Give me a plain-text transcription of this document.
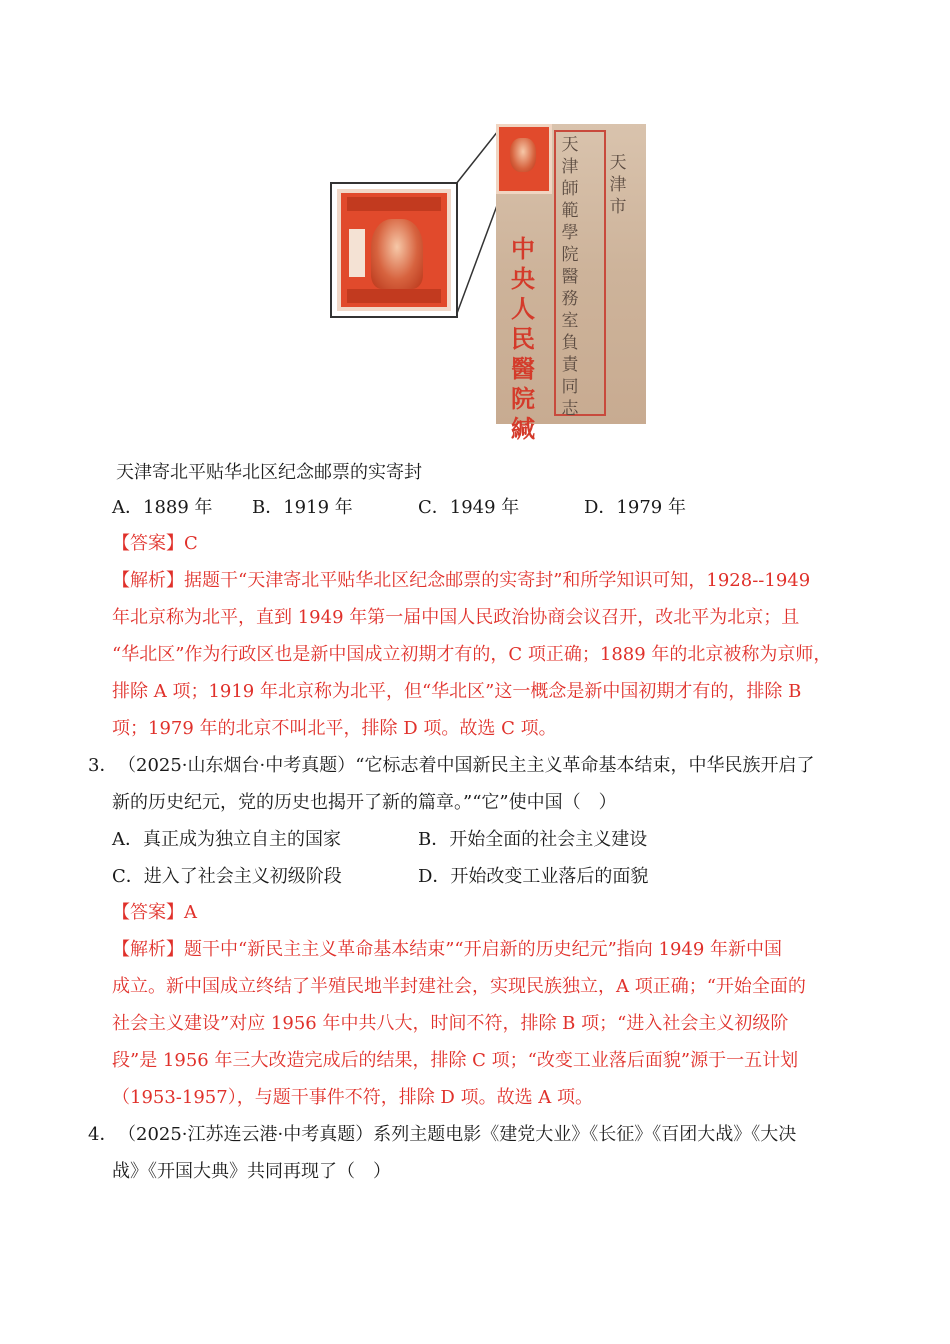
中央人民醫院緘
天津師範學院醫務室負責同志
天津市
天津寄北平贴华北区纪念邮票的实寄封
A．1889 年 B．1919 年	C．1949 年	D．1979 年
【答案】C
【解析】据题干“天津寄北平贴华北区纪念邮票的实寄封”和所学知识可知，1928--1949
年北京称为北平，直到 1949 年第一届中国人民政治协商会议召开，改北平为北京；且
“华北区”作为行政区也是新中国成立初期才有的，C 项正确；1889 年的北京被称为京师，
排除 A 项；1919 年北京称为北平，但“华北区”这一概念是新中国初期才有的，排除 B
项；1979 年的北京不叫北平，排除 D 项。故选 C 项。
3． （2025·山东烟台·中考真题）“它标志着中国新民主主义革命基本结束，中华民族开启了
新的历史纪元，党的历史也揭开了新的篇章。”“它”使中国（　）
A．真正成为独立自主的国家	B．开始全面的社会主义建设
C．进入了社会主义初级阶段	D．开始改变工业落后的面貌
【答案】A
【解析】题干中“新民主主义革命基本结束”“开启新的历史纪元”指向 1949 年新中国
成立。新中国成立终结了半殖民地半封建社会，实现民族独立，A 项正确；“开始全面的
社会主义建设”对应 1956 年中共八大，时间不符，排除 B 项；“进入社会主义初级阶
段”是 1956 年三大改造完成后的结果，排除 C 项；“改变工业落后面貌”源于一五计划
（1953-1957），与题干事件不符，排除 D 项。故选 A 项。
4． （2025·江苏连云港·中考真题）系列主题电影《建党大业》《长征》《百团大战》《大决
战》《开国大典》共同再现了（　）
